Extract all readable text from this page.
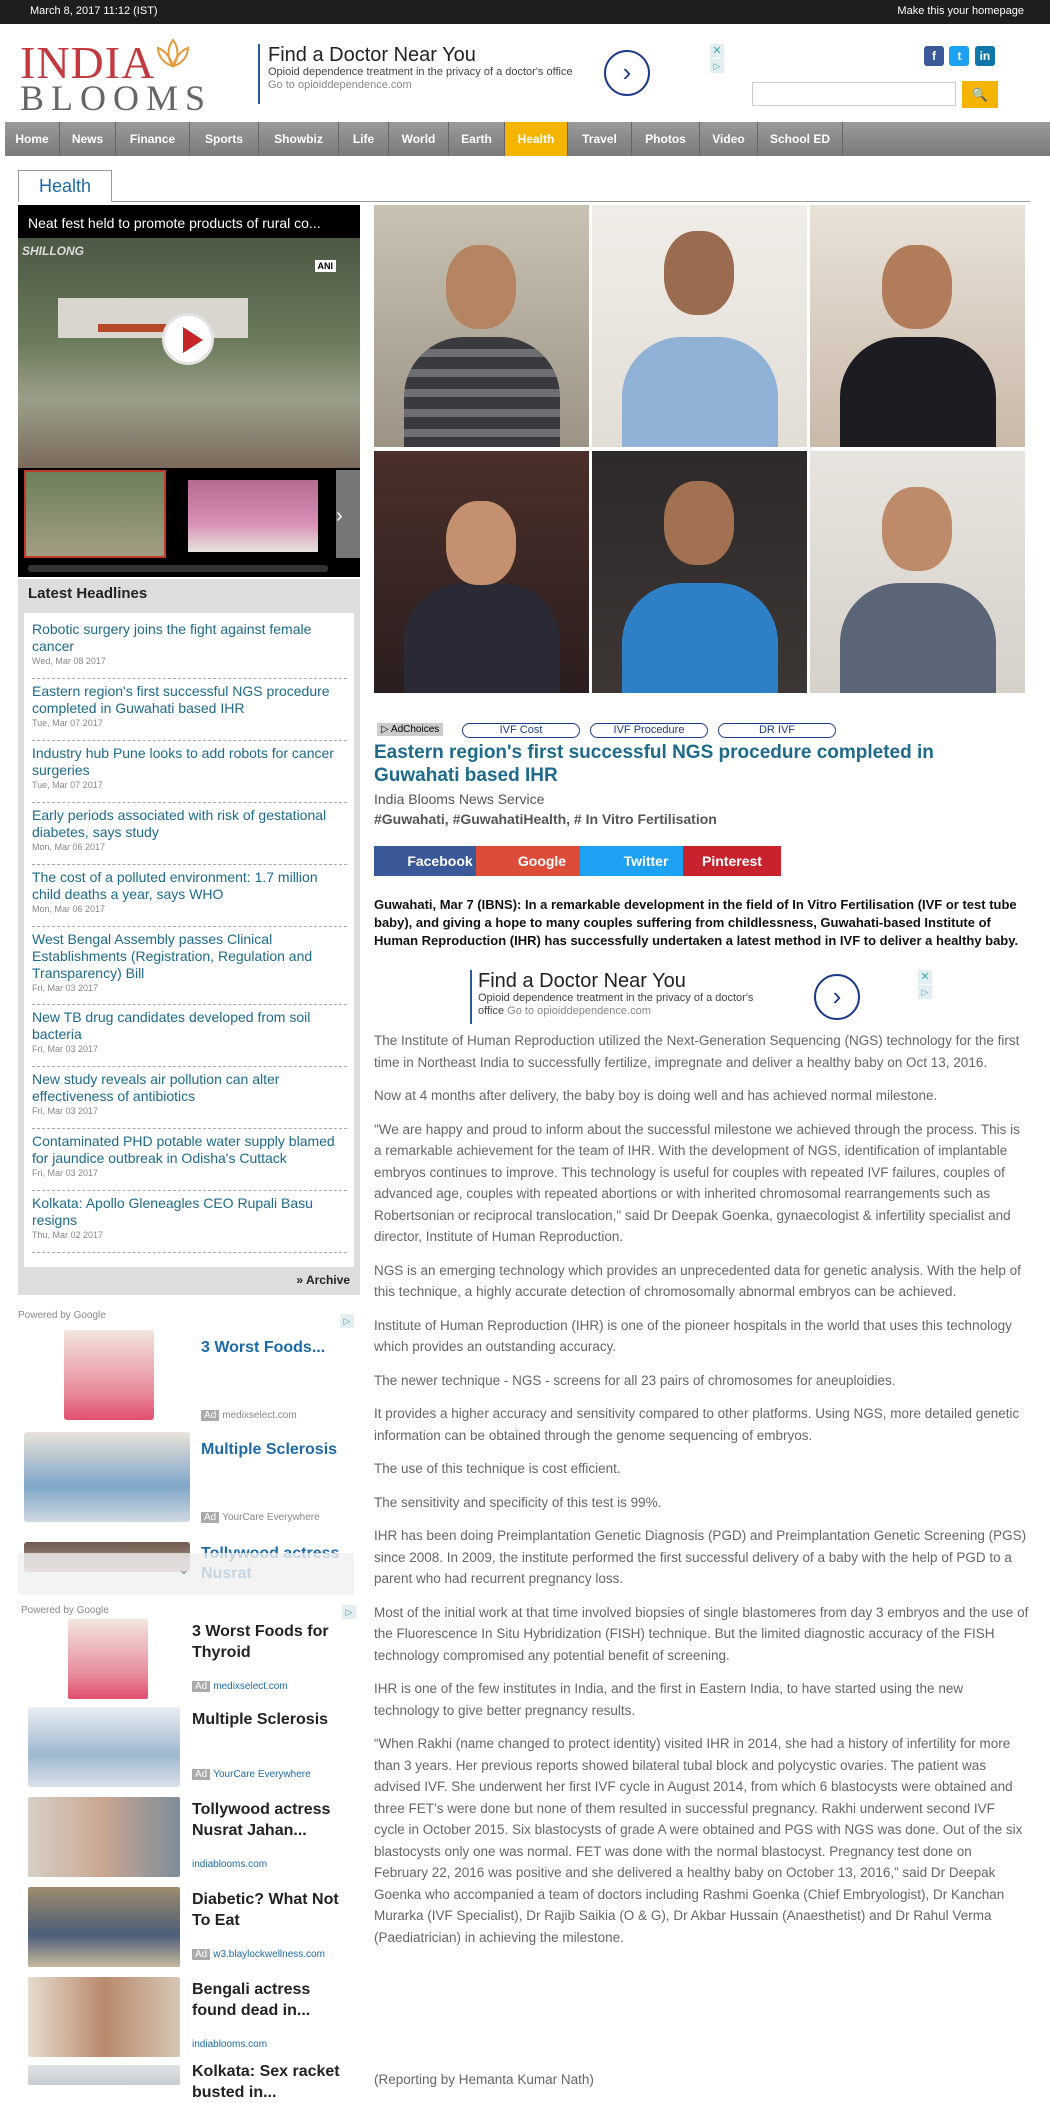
March 8, 2017 11:12 (IST)	Make this your homepage
INDIA
BLOOMS
Find a Doctor Near You
Opioid dependence treatment in the privacy of a doctor's office Go to opioiddependence.com	›
✕
▷
f t in
🔍
Home	News	Finance	Sports	Showbiz	Life	World	Earth	Health	Travel	Photos	Video	School ED
Health
Neat fest held to promote products of rural co...
SHILLONG
ANI
›
Latest Headlines
Robotic surgery joins the fight against female cancer
Wed, Mar 08 2017
Eastern region's first successful NGS procedure completed in Guwahati based IHR
Tue, Mar 07 2017
Industry hub Pune looks to add robots for cancer surgeries
Tue, Mar 07 2017
Early periods associated with risk of gestational diabetes, says study
Mon, Mar 06 2017
The cost of a polluted environment: 1.7 million child deaths a year, says WHO
Mon, Mar 06 2017
West Bengal Assembly passes Clinical Establishments (Registration, Regulation and Transparency) Bill
Fri, Mar 03 2017
New TB drug candidates developed from soil bacteria
Fri, Mar 03 2017
New study reveals air pollution can alter effectiveness of antibiotics
Fri, Mar 03 2017
Contaminated PHD potable water supply blamed for jaundice outbreak in Odisha's Cuttack
Fri, Mar 03 2017
Kolkata: Apollo Gleneagles CEO Rupali Basu resigns
Thu, Mar 02 2017
» Archive
Powered by Google	▷
3 Worst Foods...
Ad medixselect.com
Multiple Sclerosis
Ad YourCare Everywhere
⌄
Powered by Google	▷
3 Worst Foods for Thyroid
Ad medixselect.com
Multiple Sclerosis
Ad YourCare Everywhere
Tollywood actress Nusrat Jahan...
indiablooms.com
Diabetic? What Not To Eat
Ad w3.blaylockwellness.com
Bengali actress found dead in...
indiablooms.com
Kolkata: Sex racket busted in...
▷ AdChoices	IVF Cost	IVF Procedure	DR IVF
Eastern region's first successful NGS procedure completed in Guwahati based IHR
India Blooms News Service
#Guwahati, #GuwahatiHealth, # In Vitro Fertilisation
Facebook	Google	Twitter	Pinterest
Guwahati, Mar 7 (IBNS): In a remarkable development in the field of In Vitro Fertilisation (IVF or test tube baby), and giving a hope to many couples suffering from childlessness, Guwahati-based Institute of Human Reproduction (IHR) has successfully undertaken a latest method in IVF to deliver a healthy baby.
Find a Doctor Near You
Opioid dependence treatment in the privacy of a doctor's office Go to opioiddependence.com	›
✕
▷

The Institute of Human Reproduction utilized the Next-Generation Sequencing (NGS) technology for the first time in Northeast India to successfully fertilize, impregnate and deliver a healthy baby on Oct 13, 2016.

Now at 4 months after delivery, the baby boy is doing well and has achieved normal milestone.

"We are happy and proud to inform about the successful milestone we achieved through the process. This is a remarkable achievement for the team of IHR. With the development of NGS, identification of implantable embryos continues to improve. This technology is useful for couples with repeated IVF failures, couples of advanced age, couples with repeated abortions or with inherited chromosomal rearrangements such as Robertsonian or reciprocal translocation," said Dr Deepak Goenka, gynaecologist & infertility specialist and director, Institute of Human Reproduction.

NGS is an emerging technology which provides an unprecedented data for genetic analysis. With the help of this technique, a highly accurate detection of chromosomally abnormal embryos can be achieved.

Institute of Human Reproduction (IHR) is one of the pioneer hospitals in the world that uses this technology which provides an outstanding accuracy.

The newer technique - NGS - screens for all 23 pairs of chromosomes for aneuploidies.

It provides a higher accuracy and sensitivity compared to other platforms. Using NGS, more detailed genetic information can be obtained through the genome sequencing of embryos.

The use of this technique is cost efficient.

The sensitivity and specificity of this test is 99%.

IHR has been doing Preimplantation Genetic Diagnosis (PGD) and Preimplantation Genetic Screening (PGS) since 2008. In 2009, the institute performed the first successful delivery of a baby with the help of PGD to a parent who had recurrent pregnancy loss.

Most of the initial work at that time involved biopsies of single blastomeres from day 3 embryos and the use of the Fluorescence In Situ Hybridization (FISH) technique. But the limited diagnostic accuracy of the FISH technology compromised any potential benefit of screening.

IHR is one of the few institutes in India, and the first in Eastern India, to have started using the new technology to give better pregnancy results.

“When Rakhi (name changed to protect identity) visited IHR in 2014, she had a history of infertility for more than 3 years. Her previous reports showed bilateral tubal block and polycystic ovaries. The patient was advised IVF. She underwent her first IVF cycle in August 2014, from which 6 blastocysts were obtained and three FET’s were done but none of them resulted in successful pregnancy. Rakhi underwent second IVF cycle in October 2015. Six blastocysts of grade A were obtained and PGS with NGS was done. Out of the six blastocysts only one was normal. FET was done with the normal blastocyst. Pregnancy test done on February 22, 2016 was positive and she delivered a healthy baby on October 13, 2016,” said Dr Deepak Goenka who accompanied a team of doctors including Rashmi Goenka (Chief Embryologist), Dr Kanchan Murarka (IVF Specialist), Dr Rajib Saikia (O & G), Dr Akbar Hussain (Anaesthetist) and Dr Rahul Verma (Paediatrician) in achieving the milestone.

(Reporting by Hemanta Kumar Nath)
